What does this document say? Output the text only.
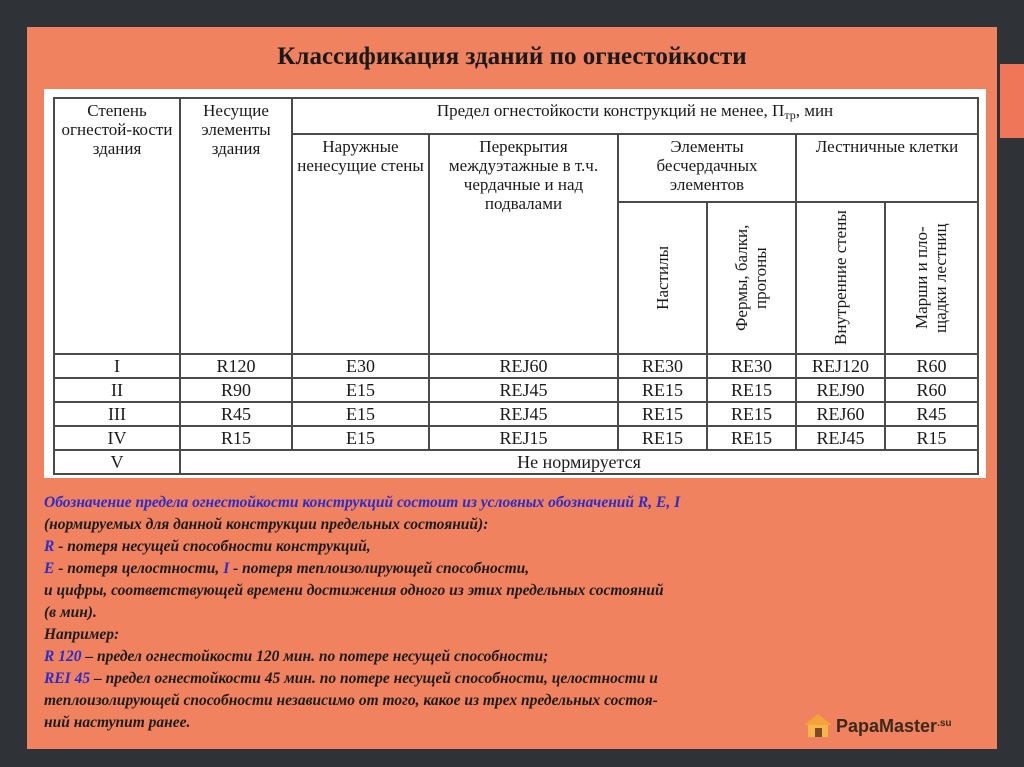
Классификация зданий по огнестойкости
Степень огнестой-кости здания	Несущие элементы здания	Предел огнестойкости конструкций не менее, $П_{тр}$, мин					
		Наружные ненесущие стены	Перекрытия междуэтажные в т.ч. чердачные и над подвалами	Элементы бесчердачных элементов		Лестничные клетки	

				Настилы	Фермы, балки, прогоны	Внутренние стены	Марши и пло-щадки лестниц

I	R120	E30	REJ60	RE30	RE30	REJ120	R60
II	R90	E15	REJ45	RE15	RE15	REJ90	R60
III	R45	E15	REJ45	RE15	RE15	REJ60	R45
IV	R15	E15	REJ15	RE15	RE15	REJ45	R15
V	Не нормируется						
Обозначение предела огнестойкости конструкций состоит из условных обозначений R, E, I
(нормируемых для данной конструкции предельных состояний):
R - потеря несущей способности конструкций,
E - потеря целостности, I - потеря теплоизолирующей способности,
и цифры, соответствующей времени достижения одного из этих предельных состояний
(в мин).
Например:
R 120 – предел огнестойкости 120 мин. по потере несущей способности;
REI 45 – предел огнестойкости 45 мин. по потере несущей способности, целостности и
теплоизолирующей способности независимо от того, какое из трех предельных состоя-
ний наступит ранее.	PapaMaster$^{.su}$
